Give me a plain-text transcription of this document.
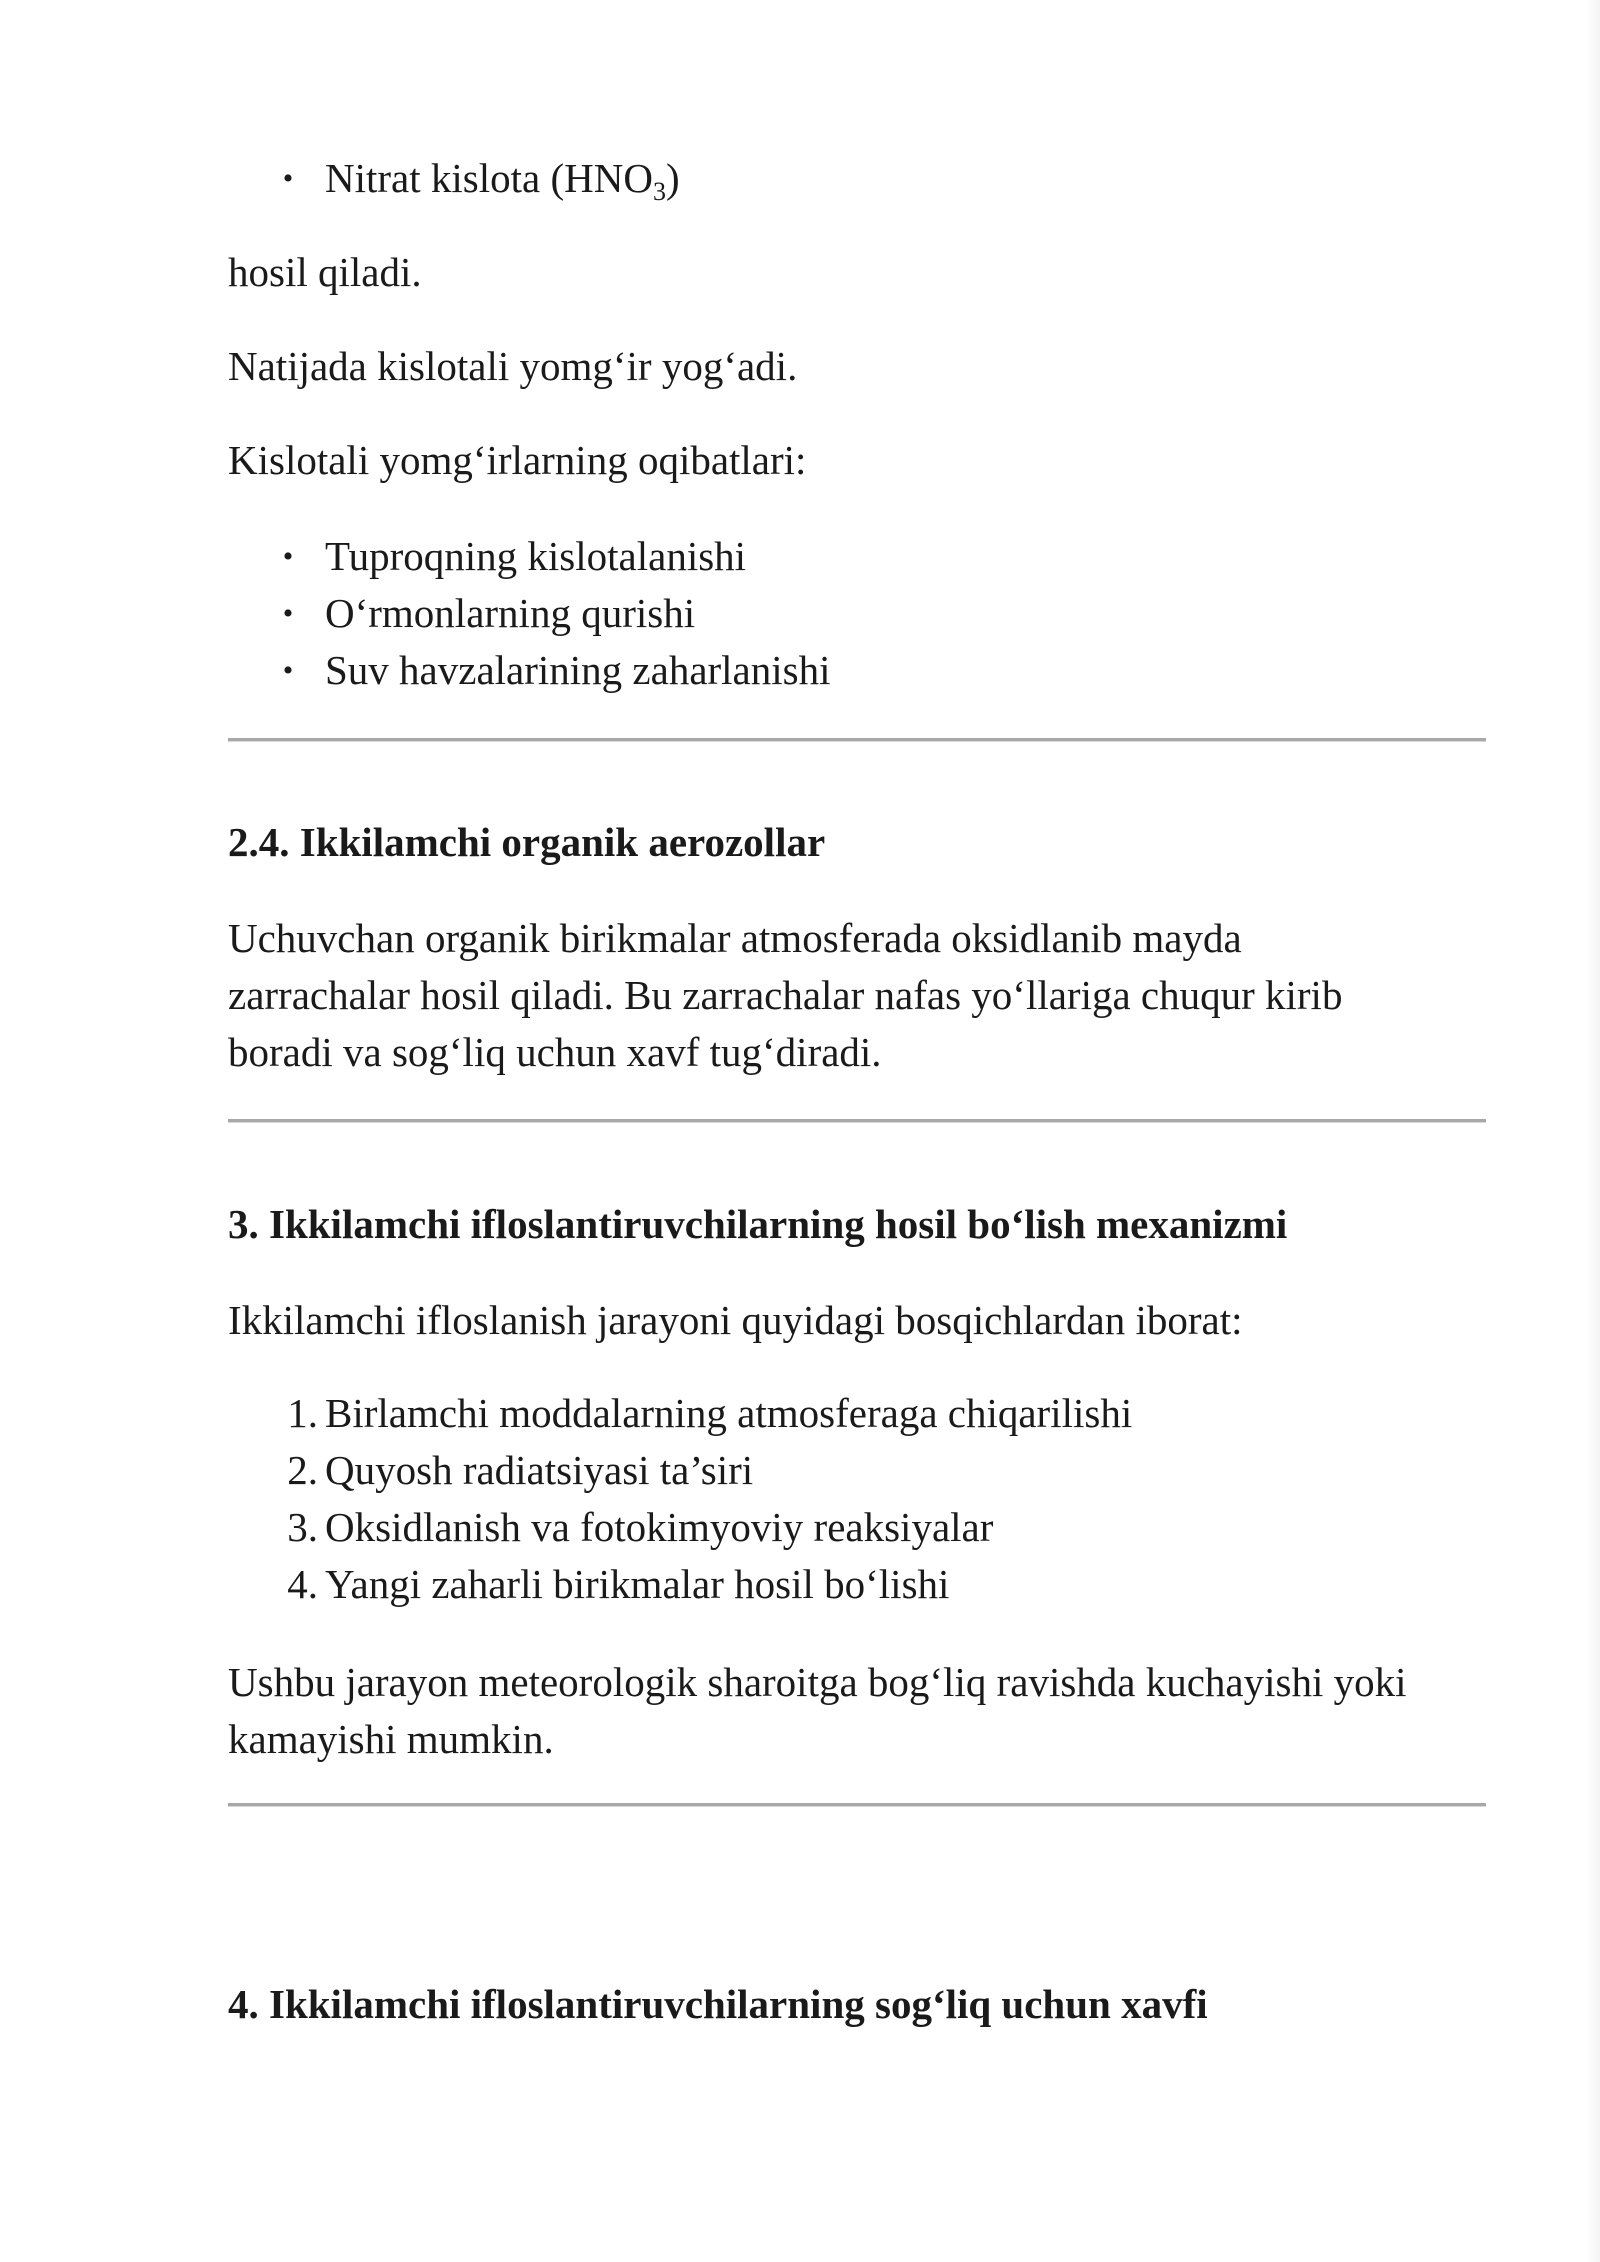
• Nitrat kislota $(HNO_3)$

hosil qiladi.

Natijada kislotali yomg‘ir yog‘adi.

Kislotali yomg‘irlarning oqibatlari:

• Tuproqning kislotalanishi
• O‘rmonlarning qurishi
• Suv havzalarining zaharlanishi
2.4. Ikkilamchi organik aerozollar

Uchuvchan organik birikmalar atmosferada oksidlanib mayda zarrachalar hosil qiladi. Bu zarrachalar nafas yo‘llariga chuqur kirib boradi va sog‘liq uchun xavf tug‘diradi.

3. Ikkilamchi ifloslantiruvchilarning hosil bo‘lish mexanizmi

Ikkilamchi ifloslanish jarayoni quyidagi bosqichlardan iborat:

1. Birlamchi moddalarning atmosferaga chiqarilishi
2. Quyosh radiatsiyasi ta’siri
3. Oksidlanish va fotokimyoviy reaksiyalar
4. Yangi zaharli birikmalar hosil bo‘lishi

Ushbu jarayon meteorologik sharoitga bog‘liq ravishda kuchayishi yoki kamayishi mumkin.

4. Ikkilamchi ifloslantiruvchilarning sog‘liq uchun xavfi
